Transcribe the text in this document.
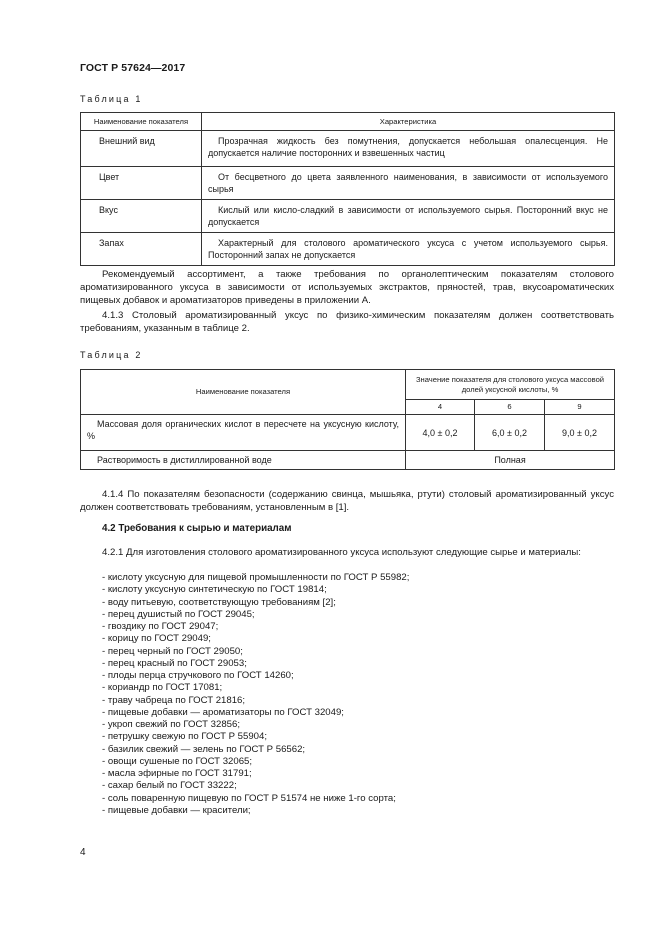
ГОСТ Р 57624—2017
Таблица 1
Наименование показателя	Характеристика
Внешний вид	Прозрачная жидкость без помутнения, допускается небольшая опалесценция. Не допускается наличие посторонних и взвешенных частиц
Цвет	От бесцветного до цвета заявленного наименования, в зависимости от используемого сырья
Вкус	Кислый или кисло-сладкий в зависимости от используемого сырья. Посторонний вкус не допускается
Запах	Характерный для столового ароматического уксуса с учетом используемого сырья. Посторонний запах не допускается

Рекомендуемый ассортимент, а также требования по органолептическим показателям столового ароматизированного уксуса в зависимости от используемых экстрактов, пряностей, трав, вкусоароматических пищевых добавок и ароматизаторов приведены в приложении А.

4.1.3 Столовый ароматизированный уксус по физико-химическим показателям должен соответствовать требованиям, указанным в таблице 2.

Таблица 2
Наименование показателя	Значение показателя для столового уксуса массовой долей уксусной кислоты, %		
	4	6	9
Массовая доля органических кислот в пересчете на уксусную кислоту, %	4,0 ± 0,2	6,0 ± 0,2	9,0 ± 0,2
Растворимость в дистиллированной воде	Полная		

4.1.4 По показателям безопасности (содержанию свинца, мышьяка, ртути) столовый ароматизированный уксус должен соответствовать требованиям, установленным в [1].

4.2 Требования к сырью и материалам

4.2.1 Для изготовления столового ароматизированного уксуса используют следующие сырье и материалы:

- кислоту уксусную для пищевой промышленности по ГОСТ Р 55982;
- кислоту уксусную синтетическую по ГОСТ 19814;
- воду питьевую, соответствующую требованиям [2];
- перец душистый по ГОСТ 29045;
- гвоздику по ГОСТ 29047;
- корицу по ГОСТ 29049;
- перец черный по ГОСТ 29050;
- перец красный по ГОСТ 29053;
- плоды перца стручкового по ГОСТ 14260;
- кориандр по ГОСТ 17081;
- траву чабреца по ГОСТ 21816;
- пищевые добавки — ароматизаторы по ГОСТ 32049;
- укроп свежий по ГОСТ 32856;
- петрушку свежую по ГОСТ Р 55904;
- базилик свежий — зелень по ГОСТ Р 56562;
- овощи сушеные по ГОСТ 32065;
- масла эфирные по ГОСТ 31791;
- сахар белый по ГОСТ 33222;
- соль поваренную пищевую по ГОСТ Р 51574 не ниже 1-го сорта;
- пищевые добавки — красители;
4
